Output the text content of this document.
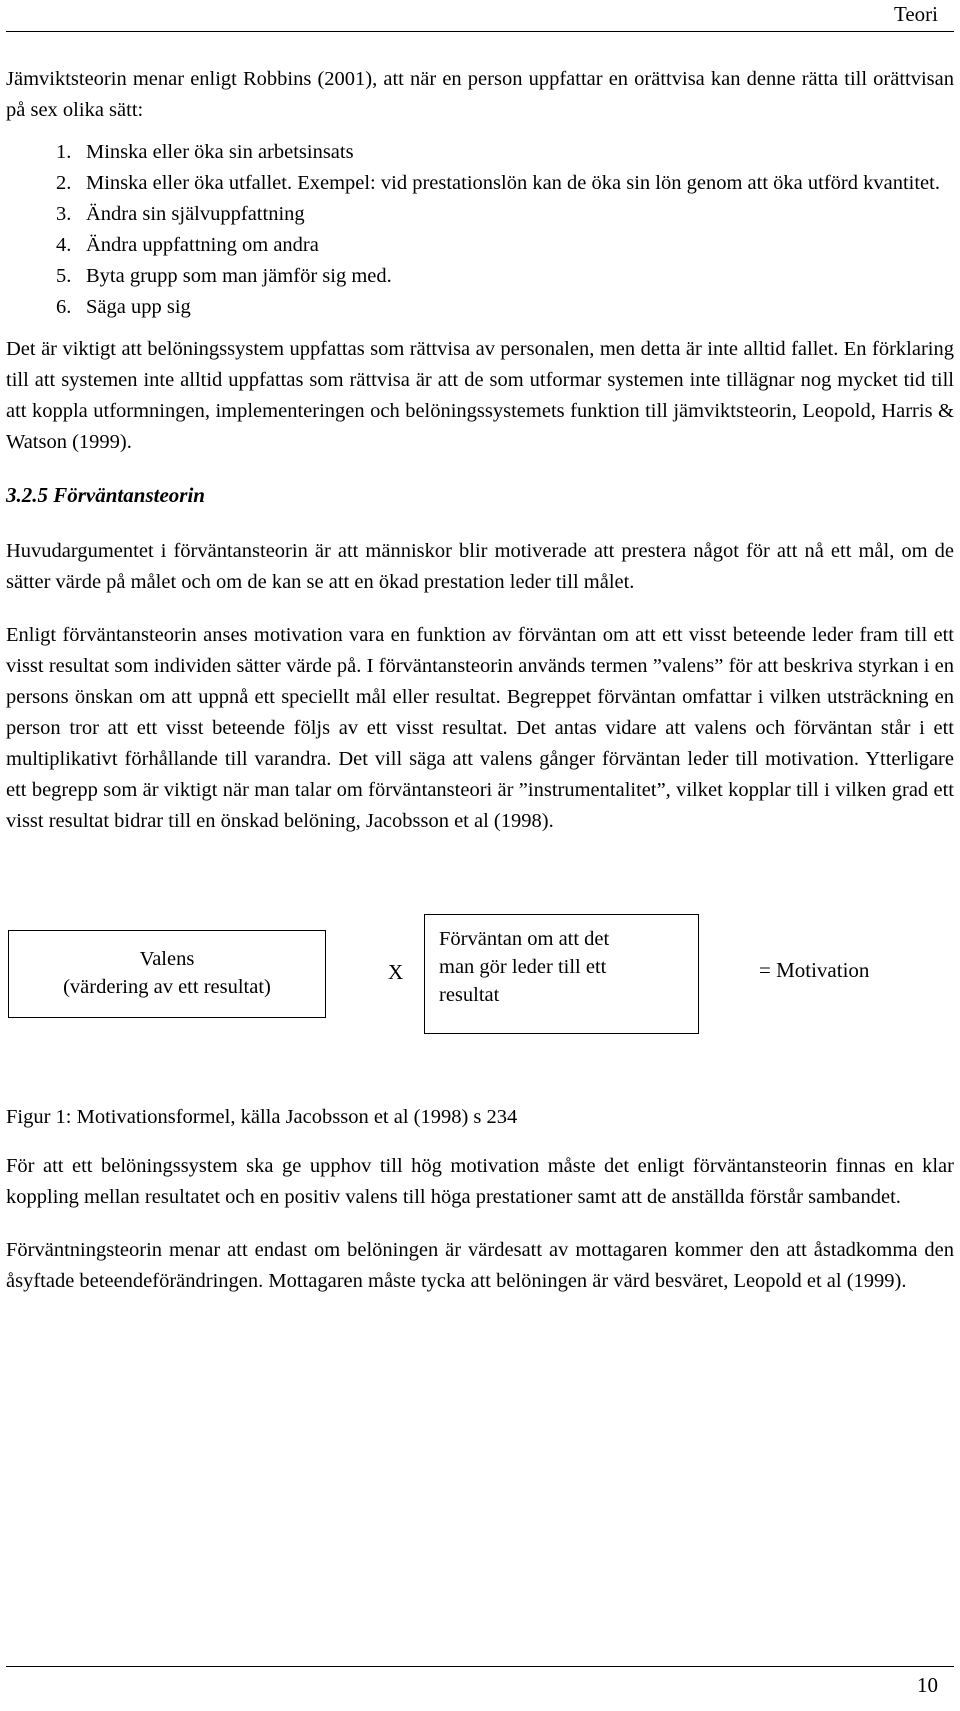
Teori

Jämviktsteorin menar enligt Robbins (2001), att när en person uppfattar en orättvisa kan denne rätta till orättvisan på sex olika sätt:

1. Minska eller öka sin arbetsinsats
2. Minska eller öka utfallet. Exempel: vid prestationslön kan de öka sin lön genom att öka utförd kvantitet.
3. Ändra sin självuppfattning
4. Ändra uppfattning om andra
5. Byta grupp som man jämför sig med.
6. Säga upp sig

Det är viktigt att belöningssystem uppfattas som rättvisa av personalen, men detta är inte alltid fallet. En förklaring till att systemen inte alltid uppfattas som rättvisa är att de som utformar systemen inte tillägnar nog mycket tid till att koppla utformningen, implementeringen och belöningssystemets funktion till jämviktsteorin, Leopold, Harris & Watson (1999).

3.2.5 Förväntansteorin

Huvudargumentet i förväntansteorin är att människor blir motiverade att prestera något för att nå ett mål, om de sätter värde på målet och om de kan se att en ökad prestation leder till målet.

Enligt förväntansteorin anses motivation vara en funktion av förväntan om att ett visst beteende leder fram till ett visst resultat som individen sätter värde på. I förväntansteorin används termen ”valens” för att beskriva styrkan i en persons önskan om att uppnå ett speciellt mål eller resultat. Begreppet förväntan omfattar i vilken utsträckning en person tror att ett visst beteende följs av ett visst resultat. Det antas vidare att valens och förväntan står i ett multiplikativt förhållande till varandra. Det vill säga att valens gånger förväntan leder till motivation. Ytterligare ett begrepp som är viktigt när man talar om förväntansteori är ”instrumentalitet”, vilket kopplar till i vilken grad ett visst resultat bidrar till en önskad belöning, Jacobsson et al (1998).

Valens
(värdering av ett resultat)
X
Förväntan om att det
man gör leder till ett
resultat
= Motivation

Figur 1: Motivationsformel, källa Jacobsson et al (1998) s 234

För att ett belöningssystem ska ge upphov till hög motivation måste det enligt förväntansteorin finnas en klar koppling mellan resultatet och en positiv valens till höga prestationer samt att de anställda förstår sambandet.

Förväntningsteorin menar att endast om belöningen är värdesatt av mottagaren kommer den att åstadkomma den åsyftade beteendeförändringen. Mottagaren måste tycka att belöningen är värd besväret, Leopold et al (1999).

10
